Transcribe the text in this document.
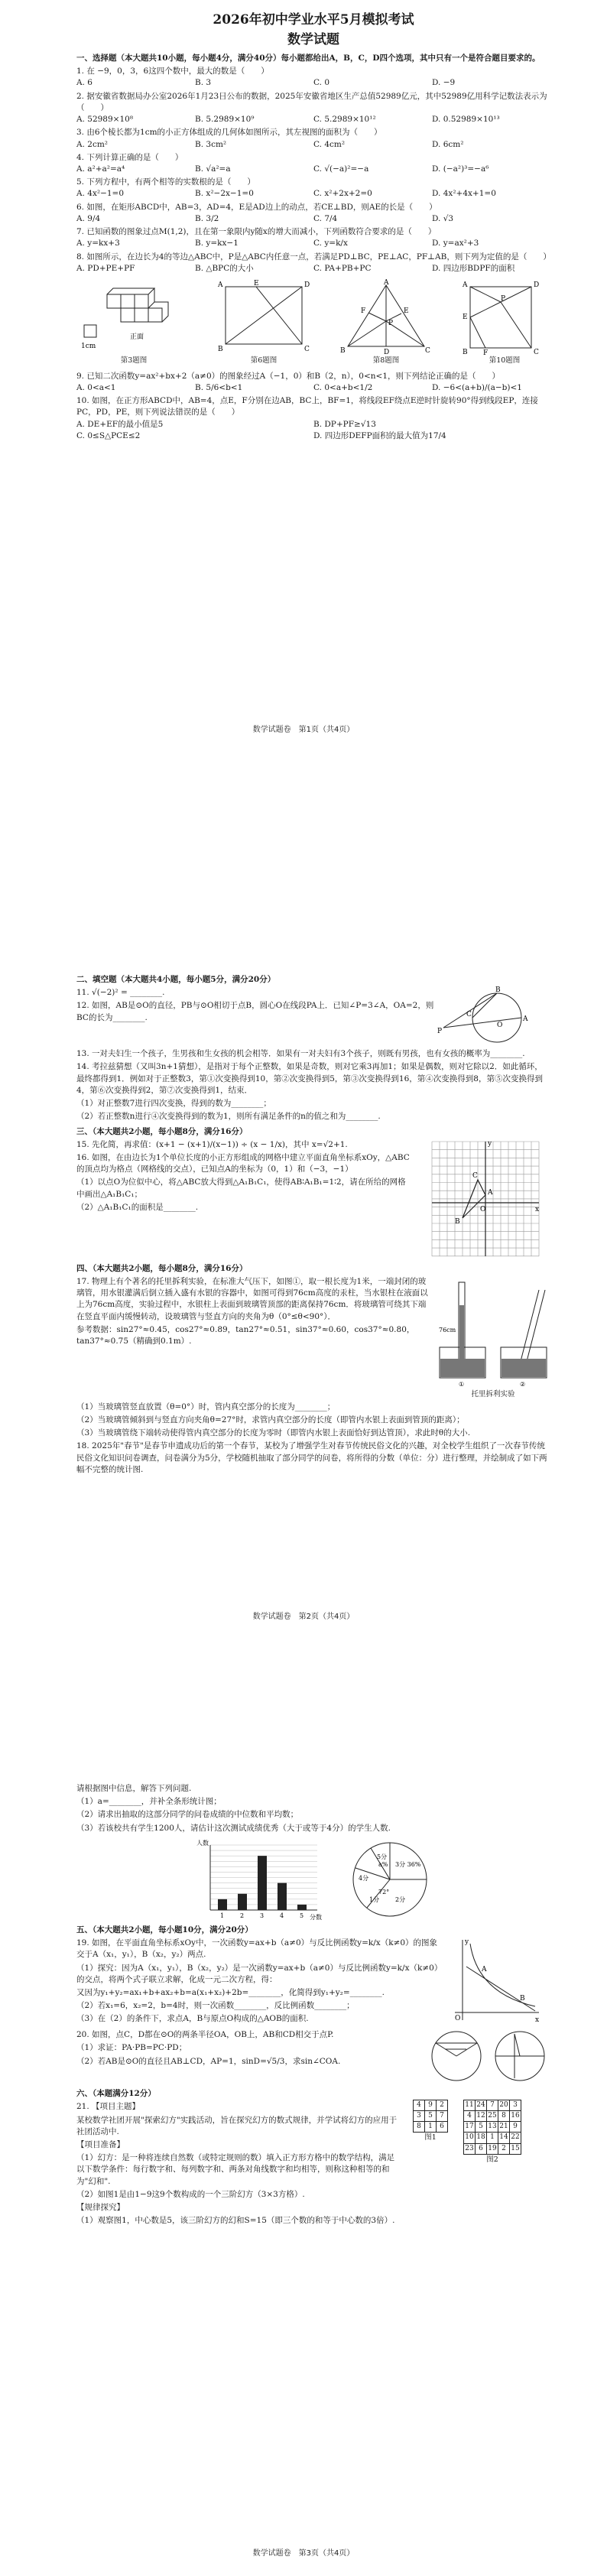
2026年初中学业水平5月模拟考试
数学试题
一、选择题（本大题共10小题，每小题4分，满分40分）每小题都给出A，B，C，D四个选项，其中只有一个是符合题目要求的。
1. 在 −9，0，3，6这四个数中，最大的数是（　　）
A. 6	B. 3	C. 0	D. −9
2. 据安徽省数据局办公室2026年1月23日公布的数据，2025年安徽省地区生产总值52989亿元，其中52989亿用科学记数法表示为（　　）
A. 52989×10⁸	B. 5.2989×10⁹	C. 5.2989×10¹²	D. 0.52989×10¹³
3. 由6个棱长都为1cm的小正方体组成的几何体如图所示，其左视图的面积为（　　）
A. 2cm²	B. 3cm²	C. 4cm²	D. 6cm²
4. 下列计算正确的是（　　）
A. a²+a²=a⁴	B. √a²=a	C. √(−a)²=−a	D. (−a²)³=−a⁶
5. 下列方程中，有两个相等的实数根的是（　　）
A. 4x²−1=0	B. x²−2x−1=0	C. x²+2x+2=0	D. 4x²+4x+1=0
6. 如图，在矩形ABCD中，AB=3，AD=4，E是AD边上的动点，若CE⊥BD，则AE的长是（　　）
A. 9/4	B. 3/2	C. 7/4	D. √3
7. 已知函数的图象过点M(1,2)，且在第一象限内y随x的增大而减小，下列函数符合要求的是（　　）
A. y=kx+3	B. y=kx−1	C. y=k/x	D. y=ax²+3
8. 如图所示，在边长为4的等边△ABC中，P是△ABC内任意一点，若满足PD⊥BC，PE⊥AC，PF⊥AB，则下列为定值的是（　　）
A. PD+PE+PF	B. △BPC的大小	C. PA+PB+PC	D. 四边形BDPF的面积
1cm
正面
第3题图
A	E	D
B	C
第6题图
A
B	C
D
E
F
P
第8题图
A	D
B	C
E
F
P
第10题图
9. 已知二次函数y=ax²+bx+2（a≠0）的图象经过A（−1，0）和B（2，n），0<n<1，则下列结论正确的是（　　）
A. 0<a<1	B. 5/6<b<1	C. 0<a+b<1/2	D. −6<(a+b)/(a−b)<1
10. 如图，在正方形ABCD中，AB=4，点E，F分别在边AB，BC上，BF=1，将线段EF绕点E逆时针旋转90°得到线段EP，连接PC，PD，PE，则下列说法错误的是（　　）
A. DE+EF的最小值是5	B. DP+PF≥√13
C. 0≤S△PCE≤2	D. 四边形DEFP面积的最大值为17/4
数学试题卷　第1页（共4页）
二、填空题（本大题共4小题，每小题5分，满分20分）
11. √(−2)² = ________.
12. 如图，AB是⊙O的直径，PB与⊙O相切于点B，圆心O在线段PA上．已知∠P=3∠A，OA=2，则BC的长为________.
P
A
B
O
C
13. 一对夫妇生一个孩子，生男孩和生女孩的机会相等．如果有一对夫妇有3个孩子，则既有男孩，也有女孩的概率为________.
14. 考拉兹猜想（又叫3n+1猜想），是指对于每个正整数，如果是奇数，则对它乘3再加1；如果是偶数，则对它除以2．如此循环，最终都得到1．例如对于正整数3，第①次变换得到10，第②次变换得到5，第③次变换得到16，第④次变换得到8，第⑤次变换得到4，第⑥次变换得到2，第⑦次变换得到1，结束．
（1）对正整数7进行四次变换，得到的数为________；
（2）若正整数n进行④次变换得到的数为1，则所有满足条件的n的值之和为________.
三、（本大题共2小题，每小题8分，满分16分）
15. 先化简，再求值：(x+1 − (x+1)/(x−1)) ÷ (x − 1/x)，其中 x=√2+1.
16. 如图，在由边长为1个单位长度的小正方形组成的网格中建立平面直角坐标系xOy，△ABC的顶点均为格点（网格线的交点），已知点A的坐标为（0，1）和（−3，−1）
（1）以点O为位似中心，将△ABC放大得到△A₁B₁C₁，使得AB∶A₁B₁=1∶2，请在所给的网格中画出△A₁B₁C₁；
（2）△A₁B₁C₁的面积是________.
y
x
O
A
B
C
四、（本大题共2小题，每小题8分，满分16分）
17. 物理上有个著名的托里拆利实验，在标准大气压下，如图①，取一根长度为1米，一端封闭的玻璃管，用水银灌满后倒立插入盛有水银的容器中，如图可得到76cm高度的汞柱，当水银柱在液面以上为76cm高度，实验过程中，水银柱上表面到玻璃管顶部的距离保持76cm．将玻璃管可绕其下端在竖直平面内缓慢转动，设玻璃管与竖直方向的夹角为θ（0°≤θ<90°）．
参考数据：sin27°≈0.45，cos27°≈0.89，tan27°≈0.51，sin37°≈0.60，cos37°≈0.80，tan37°≈0.75（精确到0.1m）.
76cm
①	②
托里拆利实验
（1）当玻璃管竖直放置（θ=0°）时，管内真空部分的长度为________；
（2）当玻璃管倾斜到与竖直方向夹角θ=27°时，求管内真空部分的长度（即管内水银上表面到管顶的距离）；
（3）当玻璃管绕下端转动使得管内真空部分的长度为零时（即管内水银上表面恰好到达管顶），求此时θ的大小.
18. 2025年"春节"是春节申遗成功后的第一个春节，某校为了增强学生对春节传统民俗文化的兴趣，对全校学生组织了一次春节传统民俗文化知识问卷调查，问卷满分为5分，学校随机抽取了部分同学的问卷，将所得的分数（单位：分）进行整理，并绘制成了如下两幅不完整的统计图.
数学试题卷　第2页（共4页）
请根据图中信息，解答下列问题.
（1）a=________，并补全条形统计图；
（2）请求出抽取的这部分同学的问卷成绩的中位数和平均数；
（3）若该校共有学生1200人，请估计这次测试成绩优秀（大于或等于4分）的学生人数.
人数
1	2	3	4	5 分数
5分
4分
3分 36%
2分
1分
a%
72°
五、（本大题共2小题，每小题10分，满分20分）
19. 如图，在平面直角坐标系xOy中，一次函数y=ax+b（a≠0）与反比例函数y=k/x（k≠0）的图象交于A（x₁，y₁），B（x₂，y₂）两点.
（1）探究：因为A（x₁，y₁），B（x₂，y₂）是一次函数y=ax+b（a≠0）与反比例函数y=k/x（k≠0）的交点，将两个式子联立求解，化成一元二次方程，得：
又因为y₁+y₂=ax₁+b+ax₂+b=a(x₁+x₂)+2b=________，化简得到y₁+y₂=________.
（2）若x₁=6，x₂=2，b=4时，则一次函数________，反比例函数________；
（3）在（2）的条件下，求点A，B与原点O构成的△AOB的面积.
y
x
O
A
B
20. 如图，点C，D都在⊙O的两条半径OA，OB上，AB和CD相交于点P.
（1）求证：PA·PB=PC·PD；
（2）若AB是⊙O的直径且AB⊥CD，AP=1，sinD=√5/3，求sin∠COA.
六、（本题满分12分）
21. 【项目主题】
某校数学社团开展"探索幻方"实践活动，旨在探究幻方的数式规律，并学试将幻方的应用于社团活动中.
【项目准备】
（1）幻方：是一种将连续自然数（或特定规则的数）填入正方形方格中的数学结构，满足以下数学条件：每行数字和、每列数字和、两条对角线数字和均相等，则称这种相等的和为"幻和".
（2）如图1是由1−9这9个数构成的一个三阶幻方（3×3方格）.
【规律探究】
4	9	2
3	5	7
8	1	6
图1
11	24	7	20	3
4	12	25	8	16
17	5	13	21	9
10	18	1	14	22
23	6	19	2	15
图2
（1）观察图1，中心数是5，该三阶幻方的幻和S=15（即三个数的和等于中心数的3倍）.
数学试题卷　第3页（共4页）
